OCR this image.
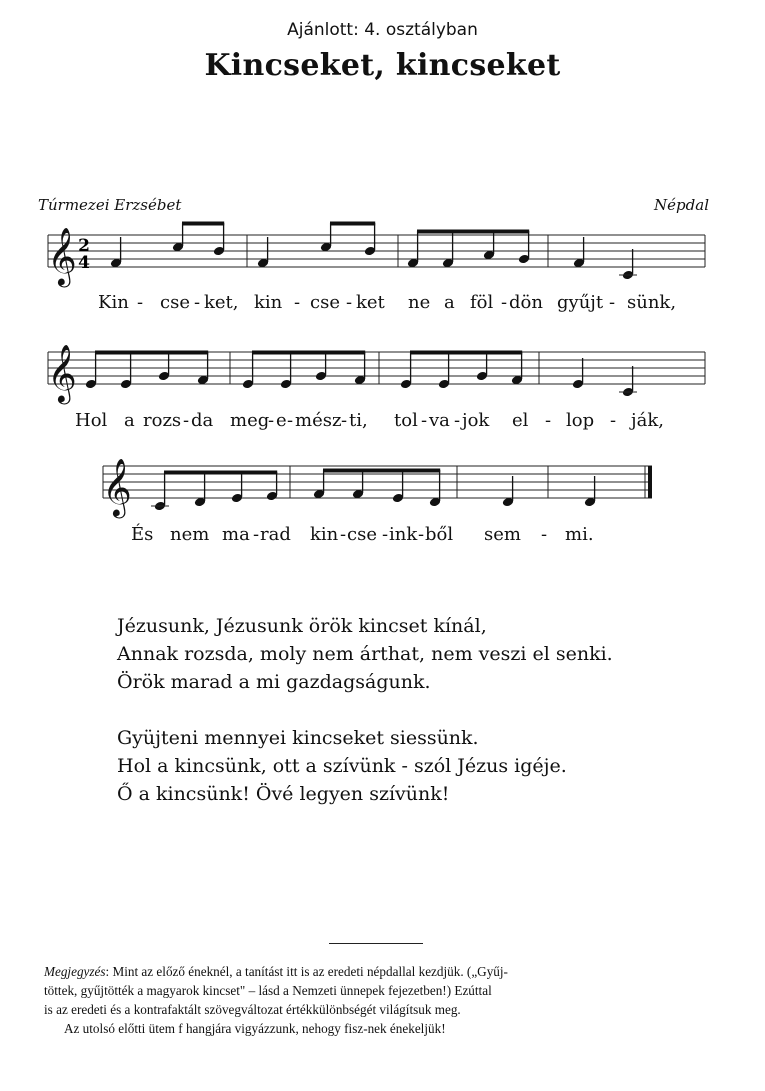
Ajánlott: 4. osztályban
Kincseket, kincseket
Túrmezei Erzsébet	Népdal
𝄞
𝄞
𝄞
2
4
Kin - cse - ket, kin - cse - ket ne a föl - dön gyűjt - sünk,
Hol a rozs - da meg
- e - mész - ti, tol - va - jok el - lop - ják,
És nem ma - rad kin - cse - ink - ből sem - mi.

Jézusunk, Jézusunk örök kincset kínál,

Annak rozsda, moly nem árthat, nem veszi el senki.

Örök marad a mi gazdagságunk.

Gyüjteni mennyei kincseket siessünk.

Hol a kincsünk, ott a szívünk - szól Jézus igéje.

Ő a kincsünk! Övé legyen szívünk!

Megjegyzés: Mint az előző éneknél, a tanítást itt is az eredeti népdallal kezdjük. („Gyűj-
töttek, gyűjtötték a magyarok kincset" – lásd a Nemzeti ünnepek fejezetben!) Ezúttal
is az eredeti és a kontrafaktált szövegváltozat értékkülönbségét világítsuk meg.
Az utolsó előtti ütem f hangjára vigyázzunk, nehogy fisz-nek énekeljük!
